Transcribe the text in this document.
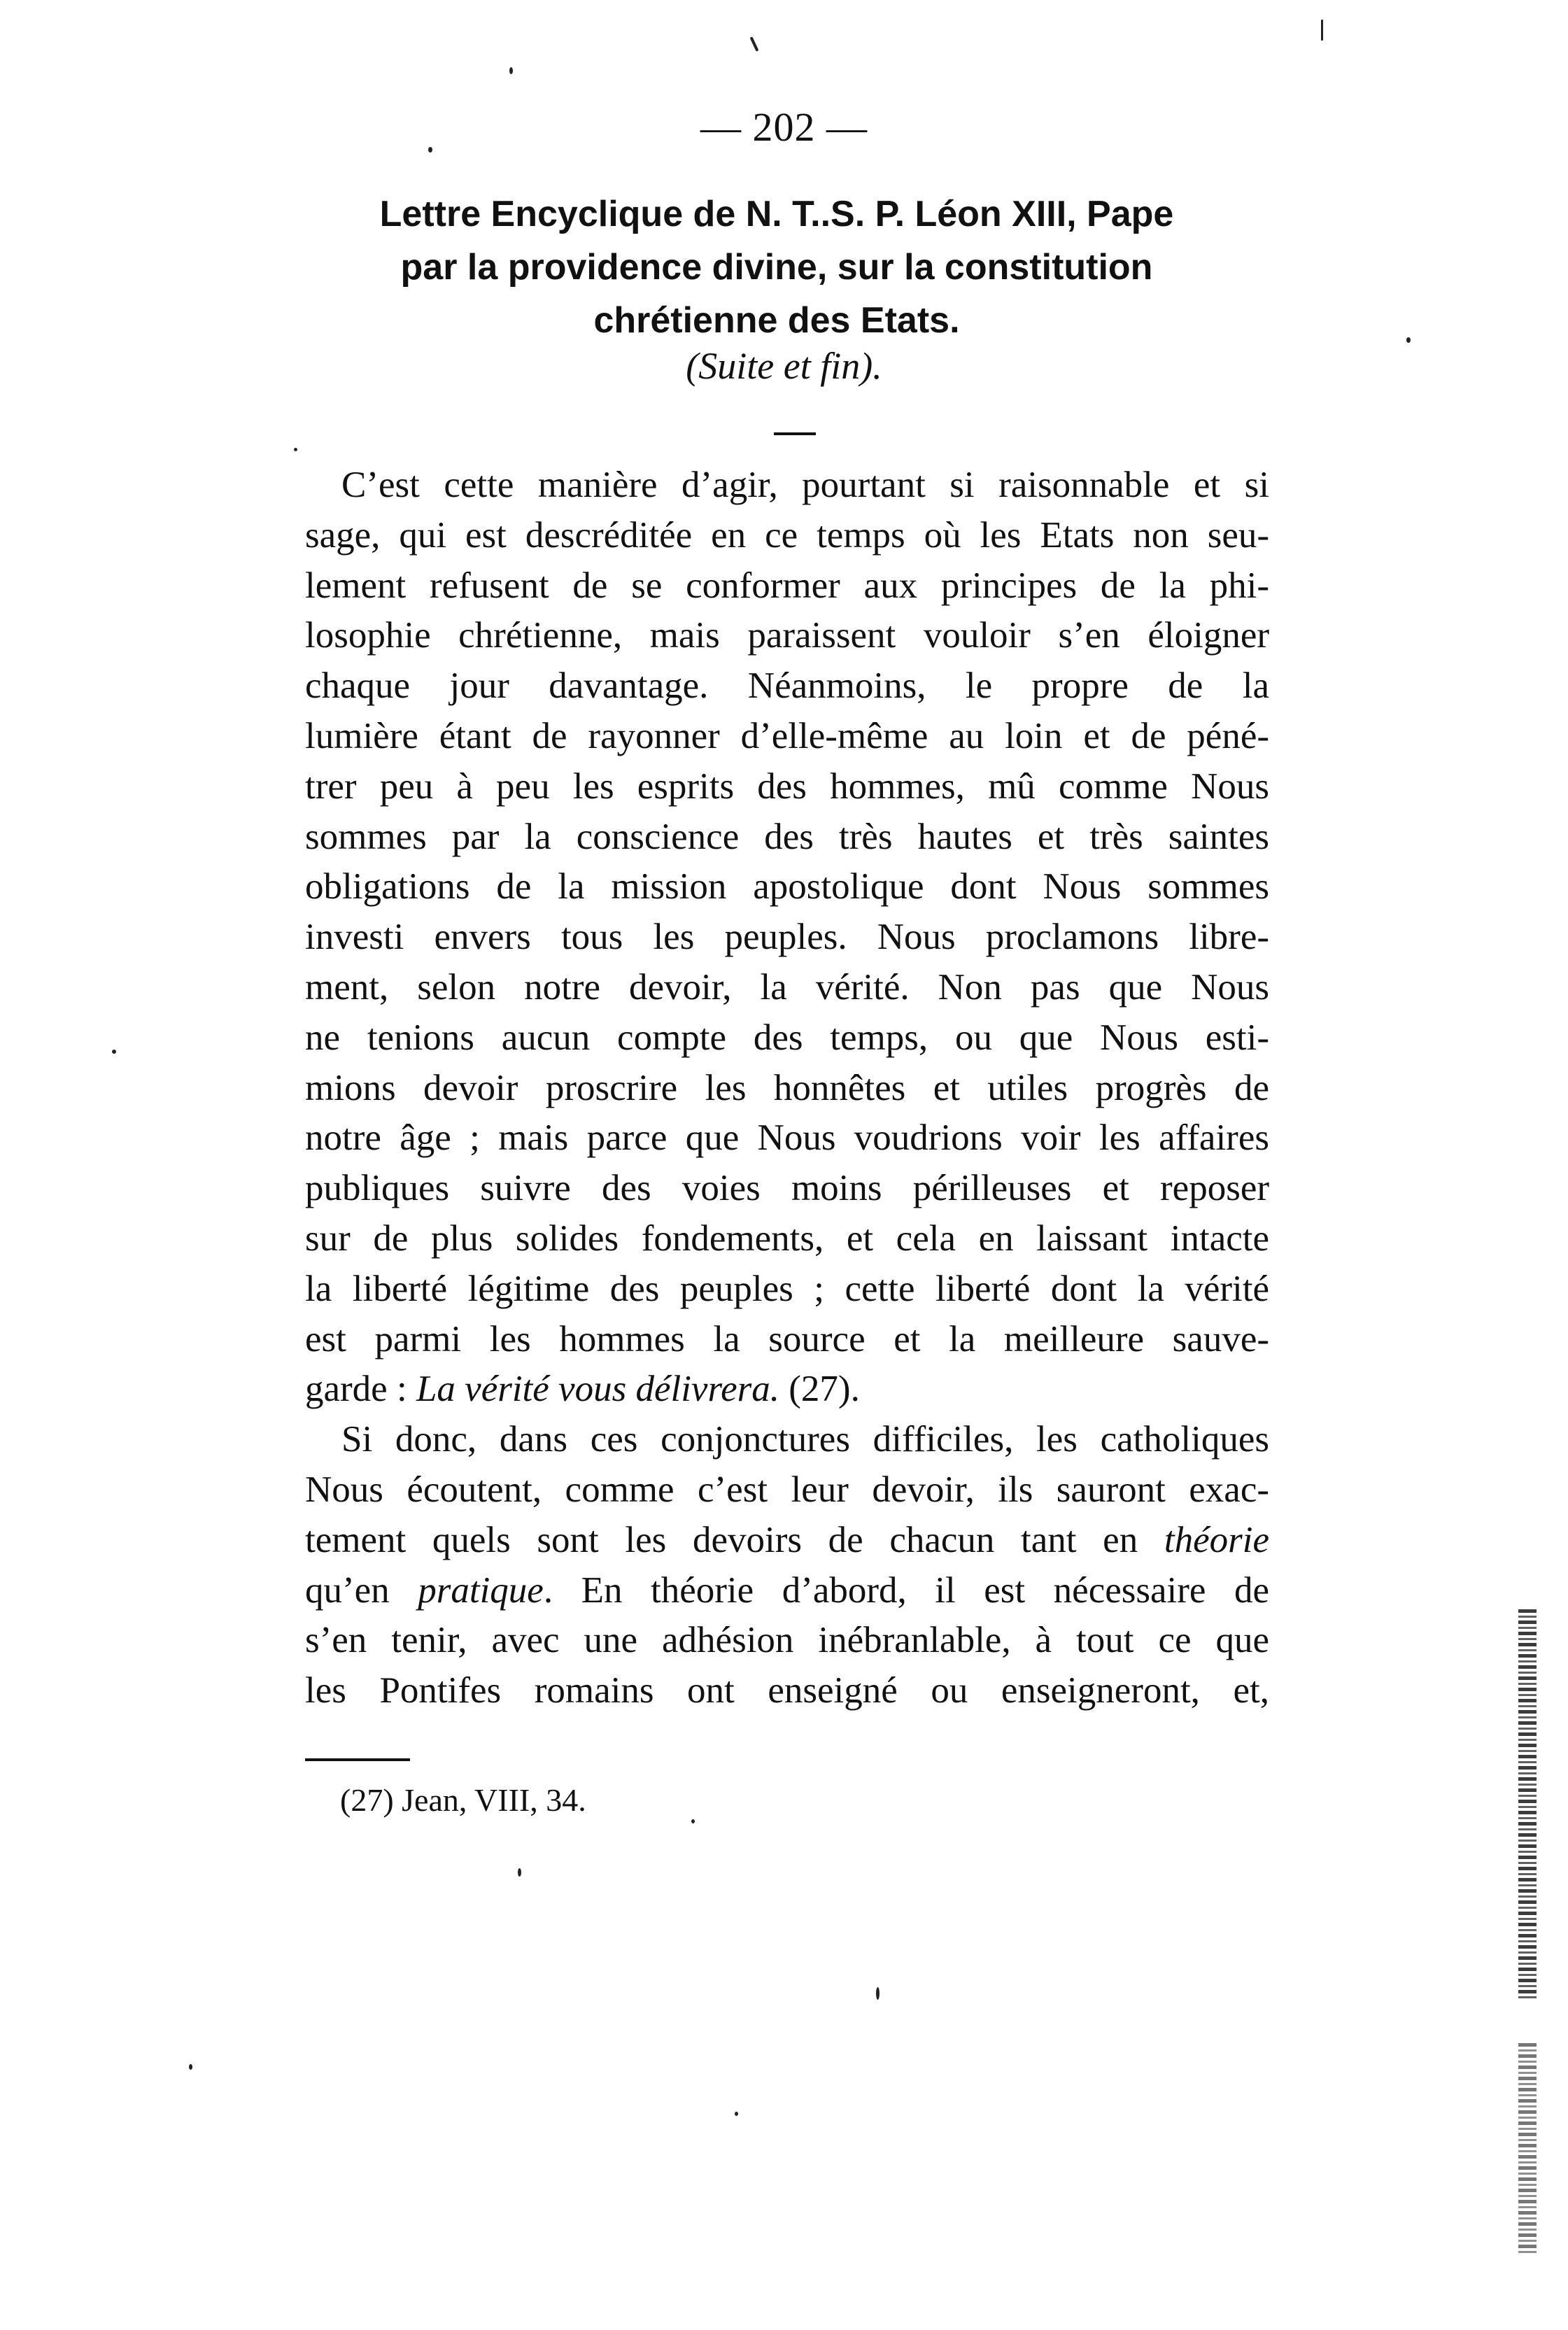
— 202 —
Lettre Encyclique de N. T..S. P. Léon XIII, Pape
par la providence divine, sur la constitution
chrétienne des Etats.
(Suite et fin).
C’est cette manière d’agir, pourtant si raisonnable et si
sage, qui est descréditée en ce temps où les Etats non seu-
lement refusent de se conformer aux principes de la phi-
losophie chrétienne, mais paraissent vouloir s’en éloigner
chaque jour davantage. Néanmoins, le propre de la
lumière étant de rayonner d’elle-même au loin et de péné-
trer peu à peu les esprits des hommes, mû comme Nous
sommes par la conscience des très hautes et très saintes
obligations de la mission apostolique dont Nous sommes
investi envers tous les peuples. Nous proclamons libre-
ment, selon notre devoir, la vérité. Non pas que Nous
ne tenions aucun compte des temps, ou que Nous esti-
mions devoir proscrire les honnêtes et utiles progrès de
notre âge ; mais parce que Nous voudrions voir les affaires
publiques suivre des voies moins périlleuses et reposer
sur de plus solides fondements, et cela en laissant intacte
la liberté légitime des peuples ; cette liberté dont la vérité
est parmi les hommes la source et la meilleure sauve-
garde : La vérité vous délivrera. (27).
Si donc, dans ces conjonctures difficiles, les catholiques
Nous écoutent, comme c’est leur devoir, ils sauront exac-
tement quels sont les devoirs de chacun tant en théorie
qu’en pratique. En théorie d’abord, il est nécessaire de
s’en tenir, avec une adhésion inébranlable, à tout ce que
les Pontifes romains ont enseigné ou enseigneront, et,
(27) Jean, VIII, 34.
